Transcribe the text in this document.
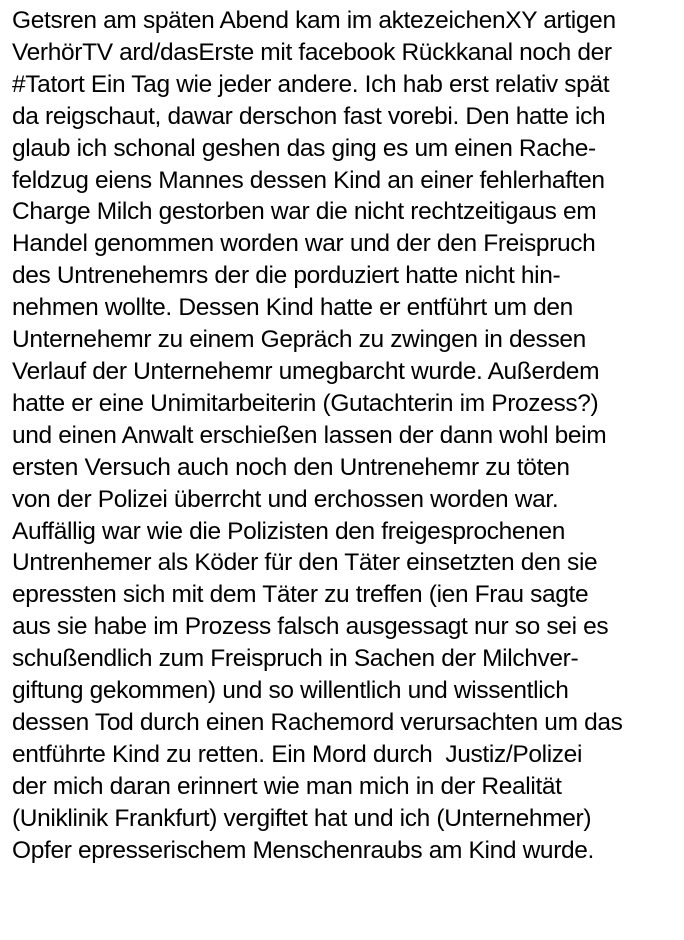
Getsren am späten Abend kam im aktezeichenXY artigen
VerhörTV ard/dasErste mit facebook Rückkanal noch der
#Tatort Ein Tag wie jeder andere. Ich hab erst relativ spät
da reigschaut, dawar derschon fast vorebi. Den hatte ich
glaub ich schonal geshen das ging es um einen Rache-
feldzug eiens Mannes dessen Kind an einer fehlerhaften
Charge Milch gestorben war die nicht rechtzeitigaus em
Handel genommen worden war und der den Freispruch
des Untrenehemrs der die porduziert hatte nicht hin-
nehmen wollte. Dessen Kind hatte er entführt um den
Unternehemr zu einem Gepräch zu zwingen in dessen
Verlauf der Unternehemr umegbarcht wurde. Außerdem
hatte er eine Unimitarbeiterin (Gutachterin im Prozess?)
und einen Anwalt erschießen lassen der dann wohl beim
ersten Versuch auch noch den Untrenehemr zu töten
von der Polizei überrcht und erchossen worden war.
Auffällig war wie die Polizisten den freigesprochenen
Untrenhemer als Köder für den Täter einsetzten den sie
epressten sich mit dem Täter zu treffen (ien Frau sagte
aus sie habe im Prozess falsch ausgessagt nur so sei es
schußendlich zum Freispruch in Sachen der Milchver-
giftung gekommen) und so willentlich und wissentlich
dessen Tod durch einen Rachemord verursachten um das
entführte Kind zu retten. Ein Mord durch  Justiz/Polizei
der mich daran erinnert wie man mich in der Realität
(Uniklinik Frankfurt) vergiftet hat und ich (Unternehmer)
Opfer epresserischem Menschenraubs am Kind wurde.
